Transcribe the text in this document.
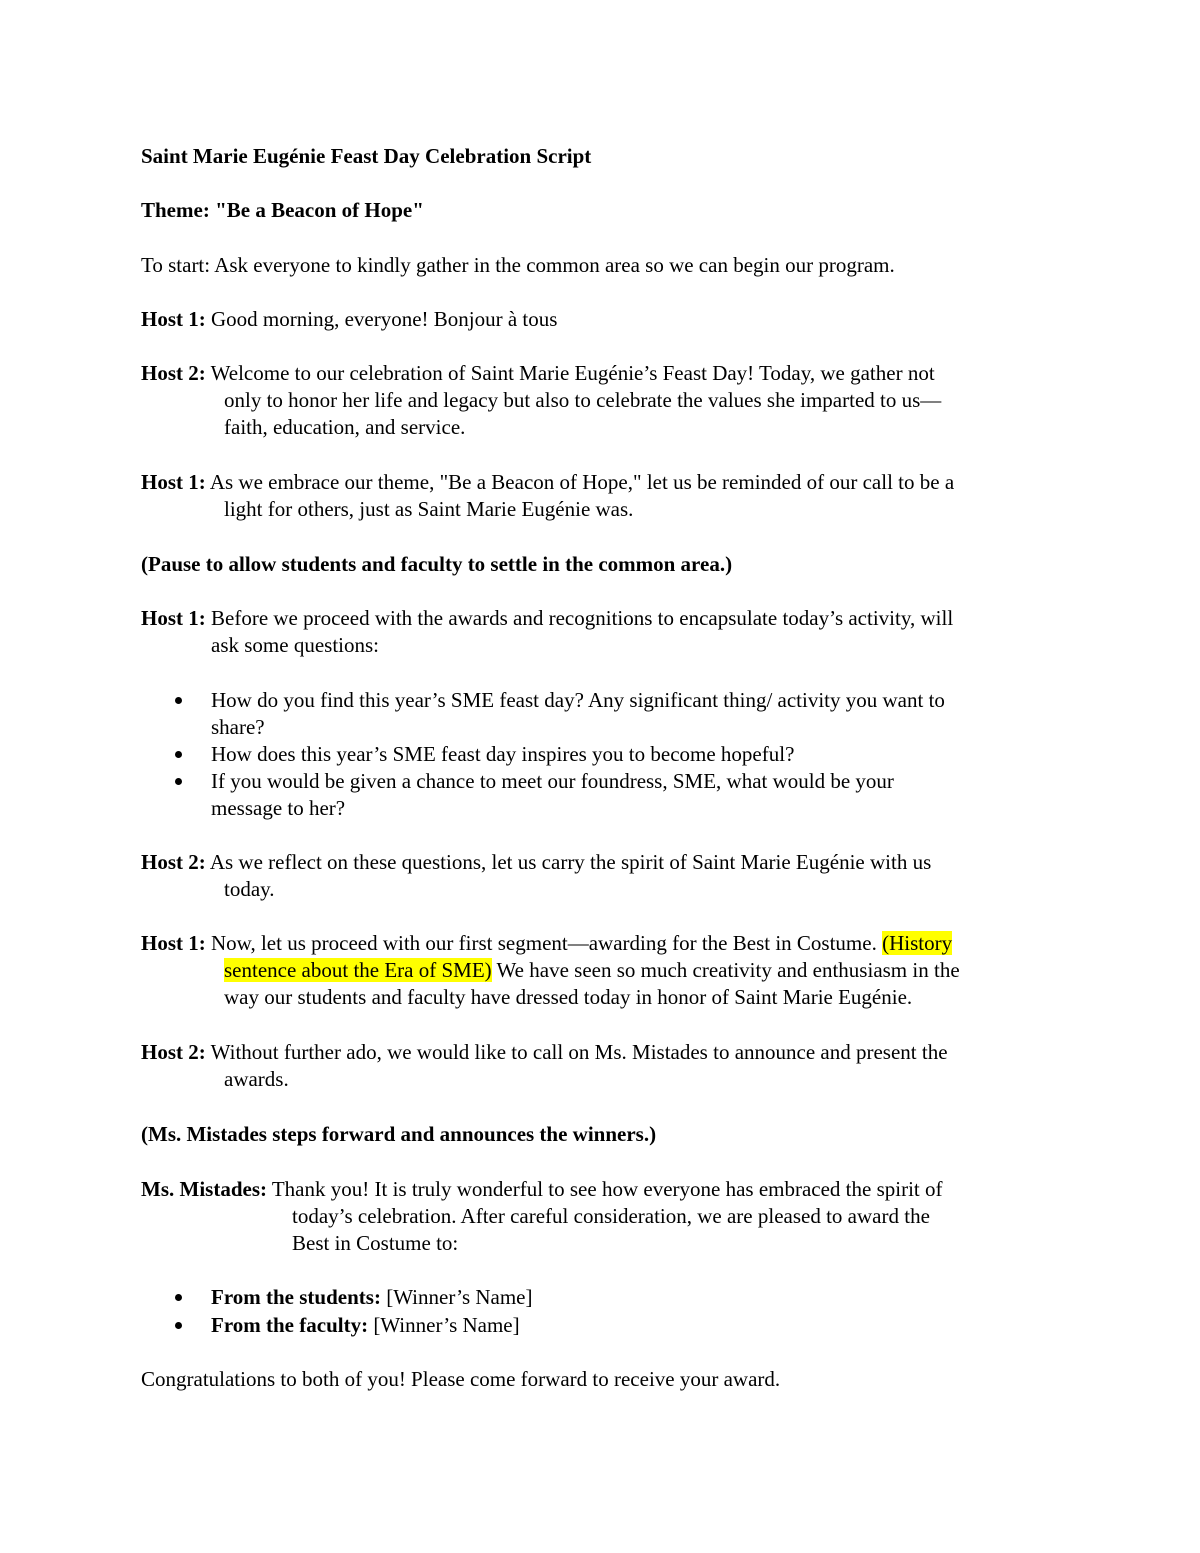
Saint Marie Eugénie Feast Day Celebration Script

Theme: "Be a Beacon of Hope"

To start: Ask everyone to kindly gather in the common area so we can begin our program.

Host 1: Good morning, everyone! Bonjour à tous

Host 2: Welcome to our celebration of Saint Marie Eugénie’s Feast Day! Today, we gather not

only to honor her life and legacy but also to celebrate the values she imparted to us—

faith, education, and service.

Host 1: As we embrace our theme, "Be a Beacon of Hope," let us be reminded of our call to be a

light for others, just as Saint Marie Eugénie was.

(Pause to allow students and faculty to settle in the common area.)

Host 1: Before we proceed with the awards and recognitions to encapsulate today’s activity, will

ask some questions:

How do you find this year’s SME feast day? Any significant thing/ activity you want to

share?

How does this year’s SME feast day inspires you to become hopeful?

If you would be given a chance to meet our foundress, SME, what would be your

message to her?

Host 2: As we reflect on these questions, let us carry the spirit of Saint Marie Eugénie with us

today.

Host 1: Now, let us proceed with our first segment—awarding for the Best in Costume. (History

sentence about the Era of SME) We have seen so much creativity and enthusiasm in the

way our students and faculty have dressed today in honor of Saint Marie Eugénie.

Host 2: Without further ado, we would like to call on Ms. Mistades to announce and present the

awards.

(Ms. Mistades steps forward and announces the winners.)

Ms. Mistades: Thank you! It is truly wonderful to see how everyone has embraced the spirit of

today’s celebration. After careful consideration, we are pleased to award the

Best in Costume to:

From the students: [Winner’s Name]

From the faculty: [Winner’s Name]

Congratulations to both of you! Please come forward to receive your award.
